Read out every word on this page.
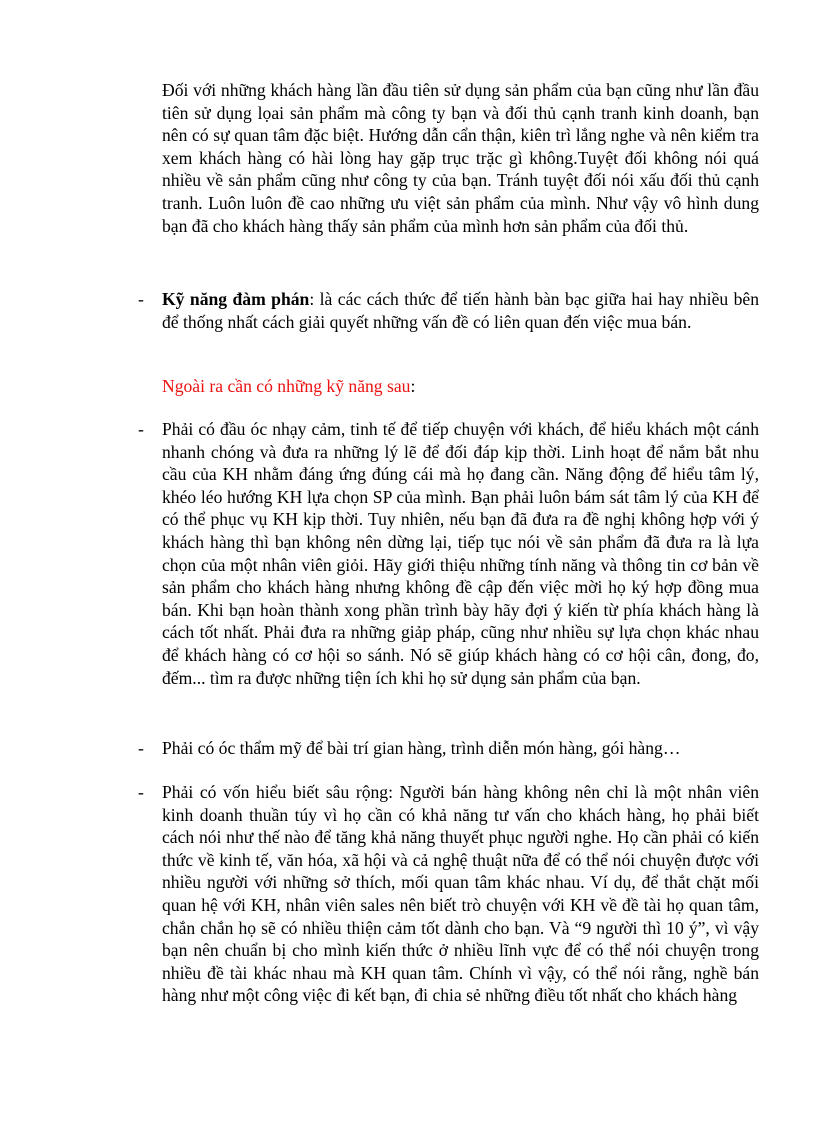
Đối với những khách hàng lần đầu tiên sử dụng sản phẩm của bạn cũng như lần đầu tiên sử dụng lọai sản phẩm mà công ty bạn và đối thủ cạnh tranh kinh doanh, bạn nên có sự quan tâm đặc biệt. Hướng dẫn cẩn thận, kiên trì lắng nghe và nên kiểm tra xem khách hàng có hài lòng hay gặp trục trặc gì không.Tuyệt đối không nói quá nhiều về sản phẩm cũng như công ty của bạn. Tránh tuyệt đối nói xấu đối thủ cạnh tranh. Luôn luôn đề cao những ưu việt sản phẩm của mình. Như vậy vô hình dung bạn đã cho khách hàng thấy sản phẩm của mình hơn sản phẩm của đối thủ.

- Kỹ năng đàm phán: là các cách thức để tiến hành bàn bạc giữa hai hay nhiều bên để thống nhất cách giải quyết những vấn đề có liên quan đến việc mua bán.

Ngoài ra cần có những kỹ năng sau:

- Phải có đầu óc nhạy cảm, tinh tế để tiếp chuyện với khách, để hiểu khách một cánh nhanh chóng và đưa ra những lý lẽ để đối đáp kịp thời. Linh hoạt để nắm bắt nhu cầu của KH nhằm đáng ứng đúng cái mà họ đang cần. Năng động để hiểu tâm lý, khéo léo hướng KH lựa chọn SP của mình. Bạn phải luôn bám sát tâm lý của KH để có thể phục vụ KH kịp thời. Tuy nhiên, nếu bạn đã đưa ra đề nghị không hợp với ý khách hàng thì bạn không nên dừng lại, tiếp tục nói về sản phẩm đã đưa ra là lựa chọn của một nhân viên giỏi. Hãy giới thiệu những tính năng và thông tin cơ bản về sản phẩm cho khách hàng nhưng không đề cập đến việc mời họ ký hợp đồng mua bán. Khi bạn hoàn thành xong phần trình bày hãy đợi ý kiến từ phía khách hàng là cách tốt nhất. Phải đưa ra những giảp pháp, cũng như nhiều sự lựa chọn khác nhau để khách hàng có cơ hội so sánh. Nó sẽ giúp khách hàng có cơ hội cân, đong, đo, đếm... tìm ra được những tiện ích khi họ sử dụng sản phẩm của bạn.

- Phải có óc thẩm mỹ để bài trí gian hàng, trình diễn món hàng, gói hàng…

- Phải có vốn hiểu biết sâu rộng: Người bán hàng không nên chỉ là một nhân viên kinh doanh thuần túy vì họ cần có khả năng tư vấn cho khách hàng, họ phải biết cách nói như thế nào để tăng khả năng thuyết phục người nghe. Họ cần phải có kiến thức về kinh tế, văn hóa, xã hội và cả nghệ thuật nữa để có thể nói chuyện được với nhiều người với những sở thích, mối quan tâm khác nhau. Ví dụ, để thắt chặt mối quan hệ với KH, nhân viên sales nên biết trò chuyện với KH về đề tài họ quan tâm, chắn chắn họ sẽ có nhiều thiện cảm tốt dành cho bạn. Và “9 người thì 10 ý”, vì vậy bạn nên chuẩn bị cho mình kiến thức ở nhiều lĩnh vực để có thể nói chuyện trong nhiều đề tài khác nhau mà KH quan tâm. Chính vì vậy, có thể nói rằng, nghề bán hàng như một công việc đi kết bạn, đi chia sẻ những điều tốt nhất cho khách hàng
